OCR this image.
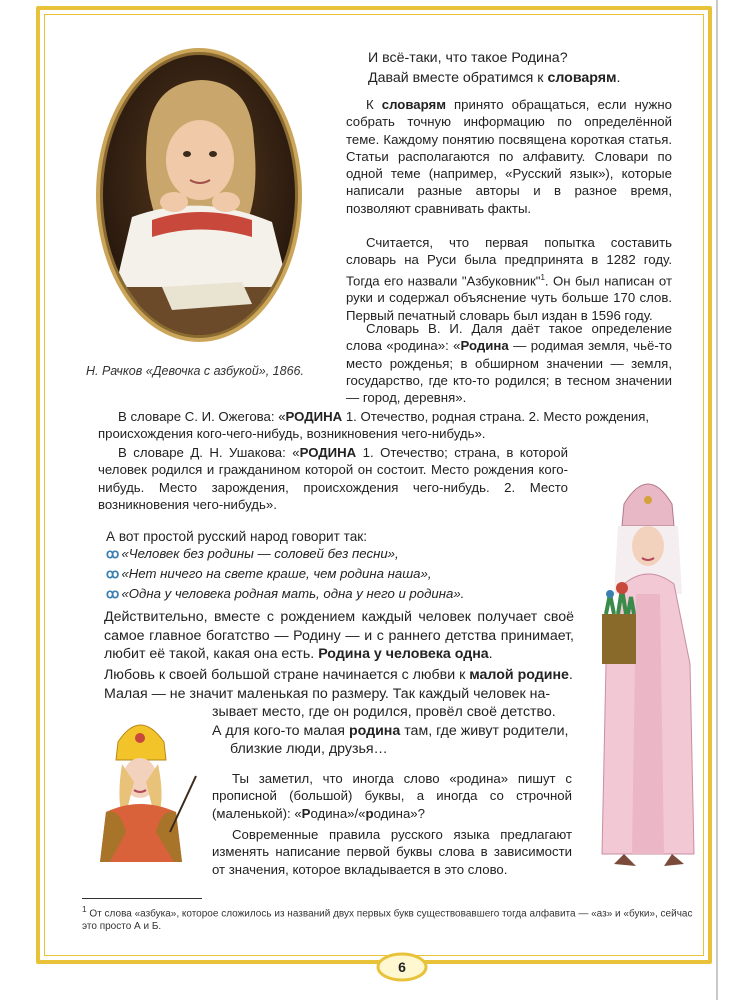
Н. Рачков «Девочка с азбукой», 1866.
И всё-таки, что такое Родина?
Давай вместе обратимся к словарям.
К словарям принято обращаться, если нужно собрать точную информацию по определённой теме. Каждому понятию посвящена короткая статья. Статьи располагаются по алфавиту. Словари по одной теме (например, «Русский язык»), которые написали разные авторы и в разное время, позволяют сравнивать факты.
Считается, что первая попытка составить словарь на Руси была предпринята в 1282 году. Тогда его назвали "Азбуковник"$^1$. Он был написан от руки и содержал объяснение чуть больше 170 слов. Первый печатный словарь был издан в 1596 году.
Словарь В. И. Даля даёт такое определение слова «родина»: «Родина — родимая земля, чьё-то место рожденья; в обширном значении — земля, государство, где кто-то родился; в тесном значении — город, деревня».
В словаре С. И. Ожегова: «РОДИНА 1. Отечество, родная страна. 2. Место рождения, происхождения кого-чего-нибудь, возникновения чего-нибудь».
В словаре Д. Н. Ушакова: «РОДИНА 1. Отечество; страна, в которой человек родился и гражданином которой он состоит. Место рождения кого-нибудь. Место зарождения, происхождения чего-нибудь. 2. Место возникновения чего-нибудь».
А вот простой русский народ говорит так:
ꝏ «Человек без родины — соловей без песни»,
ꝏ «Нет ничего на свете краше, чем родина наша»,
ꝏ «Одна у человека родная мать, одна у него и родина».
Действительно, вместе с рождением каждый человек получает своё самое главное богатство — Родину — и с раннего детства принимает, любит её такой, какая она есть. Родина у человека одна.
Любовь к своей большой стране начинается с любви к малой родине.
Малая — не значит маленькая по размеру. Так каждый человек на-
зывает место, где он родился, провёл своё детство.
А для кого-то малая родина там, где живут родители,
близкие люди, друзья…
Ты заметил, что иногда слово «родина» пишут с прописной (большой) буквы, а иногда со строчной (маленькой): «Родина»/«родина»?
Современные правила русского языка предлагают изменять написание первой буквы слова в зависимости от значения, которое вкладывается в это слово.
$^1$ От слова «азбука», которое сложилось из названий двух первых букв существовавшего тогда алфавита — «аз» и «буки», сейчас это просто А и Б.
6
